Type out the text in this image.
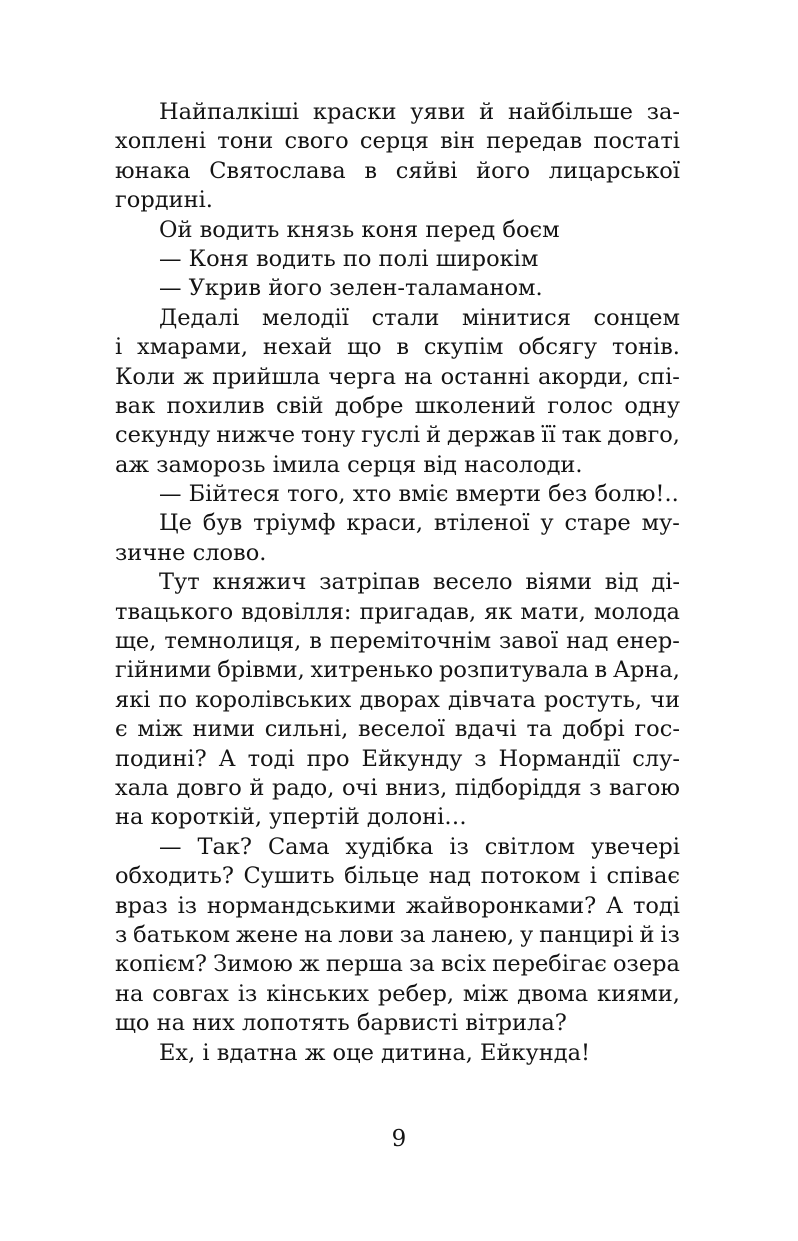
Найпалкіші краски уяви й найбільше за-
хоплені тони свого серця він передав постаті
юнака Святослава в сяйві його лицарської
гордині.
Ой водить князь коня перед боєм
— Коня водить по полі широкім
— Укрив його зелен-таламаном.
Дедалі мелодії стали мінитися сонцем
і хмарами, нехай що в скупім обсягу тонів.
Коли ж прийшла черга на останні акорди, спі-
вак похилив свій добре школений голос одну
секунду нижче тону гуслі й держав її так довго,
аж заморозь імила серця від насолоди.
— Бійтеся того, хто вміє вмерти без болю!..
Це був тріумф краси, втіленої у старе му-
зичне слово.
Тут княжич затріпав весело віями від ді-
твацького вдовілля: пригадав, як мати, молода
ще, темнолиця, в переміточнім завої над енер-
гійними брівми, хитренько розпитувала в Арна,
які по королівських дворах дівчата ростуть, чи
є між ними сильні, веселої вдачі та добрі гос-
подині? А тоді про Ейкунду з Нормандії слу-
хала довго й радо, очі вниз, підборіддя з вагою
на короткій, упертій долоні…
— Так? Сама худібка із світлом увечері
обходить? Сушить більце над потоком і співає
враз із нормандськими жайворонками? А тоді
з батьком жене на лови за ланею, у панцирі й із
копієм? Зимою ж перша за всіх перебігає озера
на совгах із кінських ребер, між двома киями,
що на них лопотять барвисті вітрила?
Ех, і вдатна ж оце дитина, Ейкунда!
9
